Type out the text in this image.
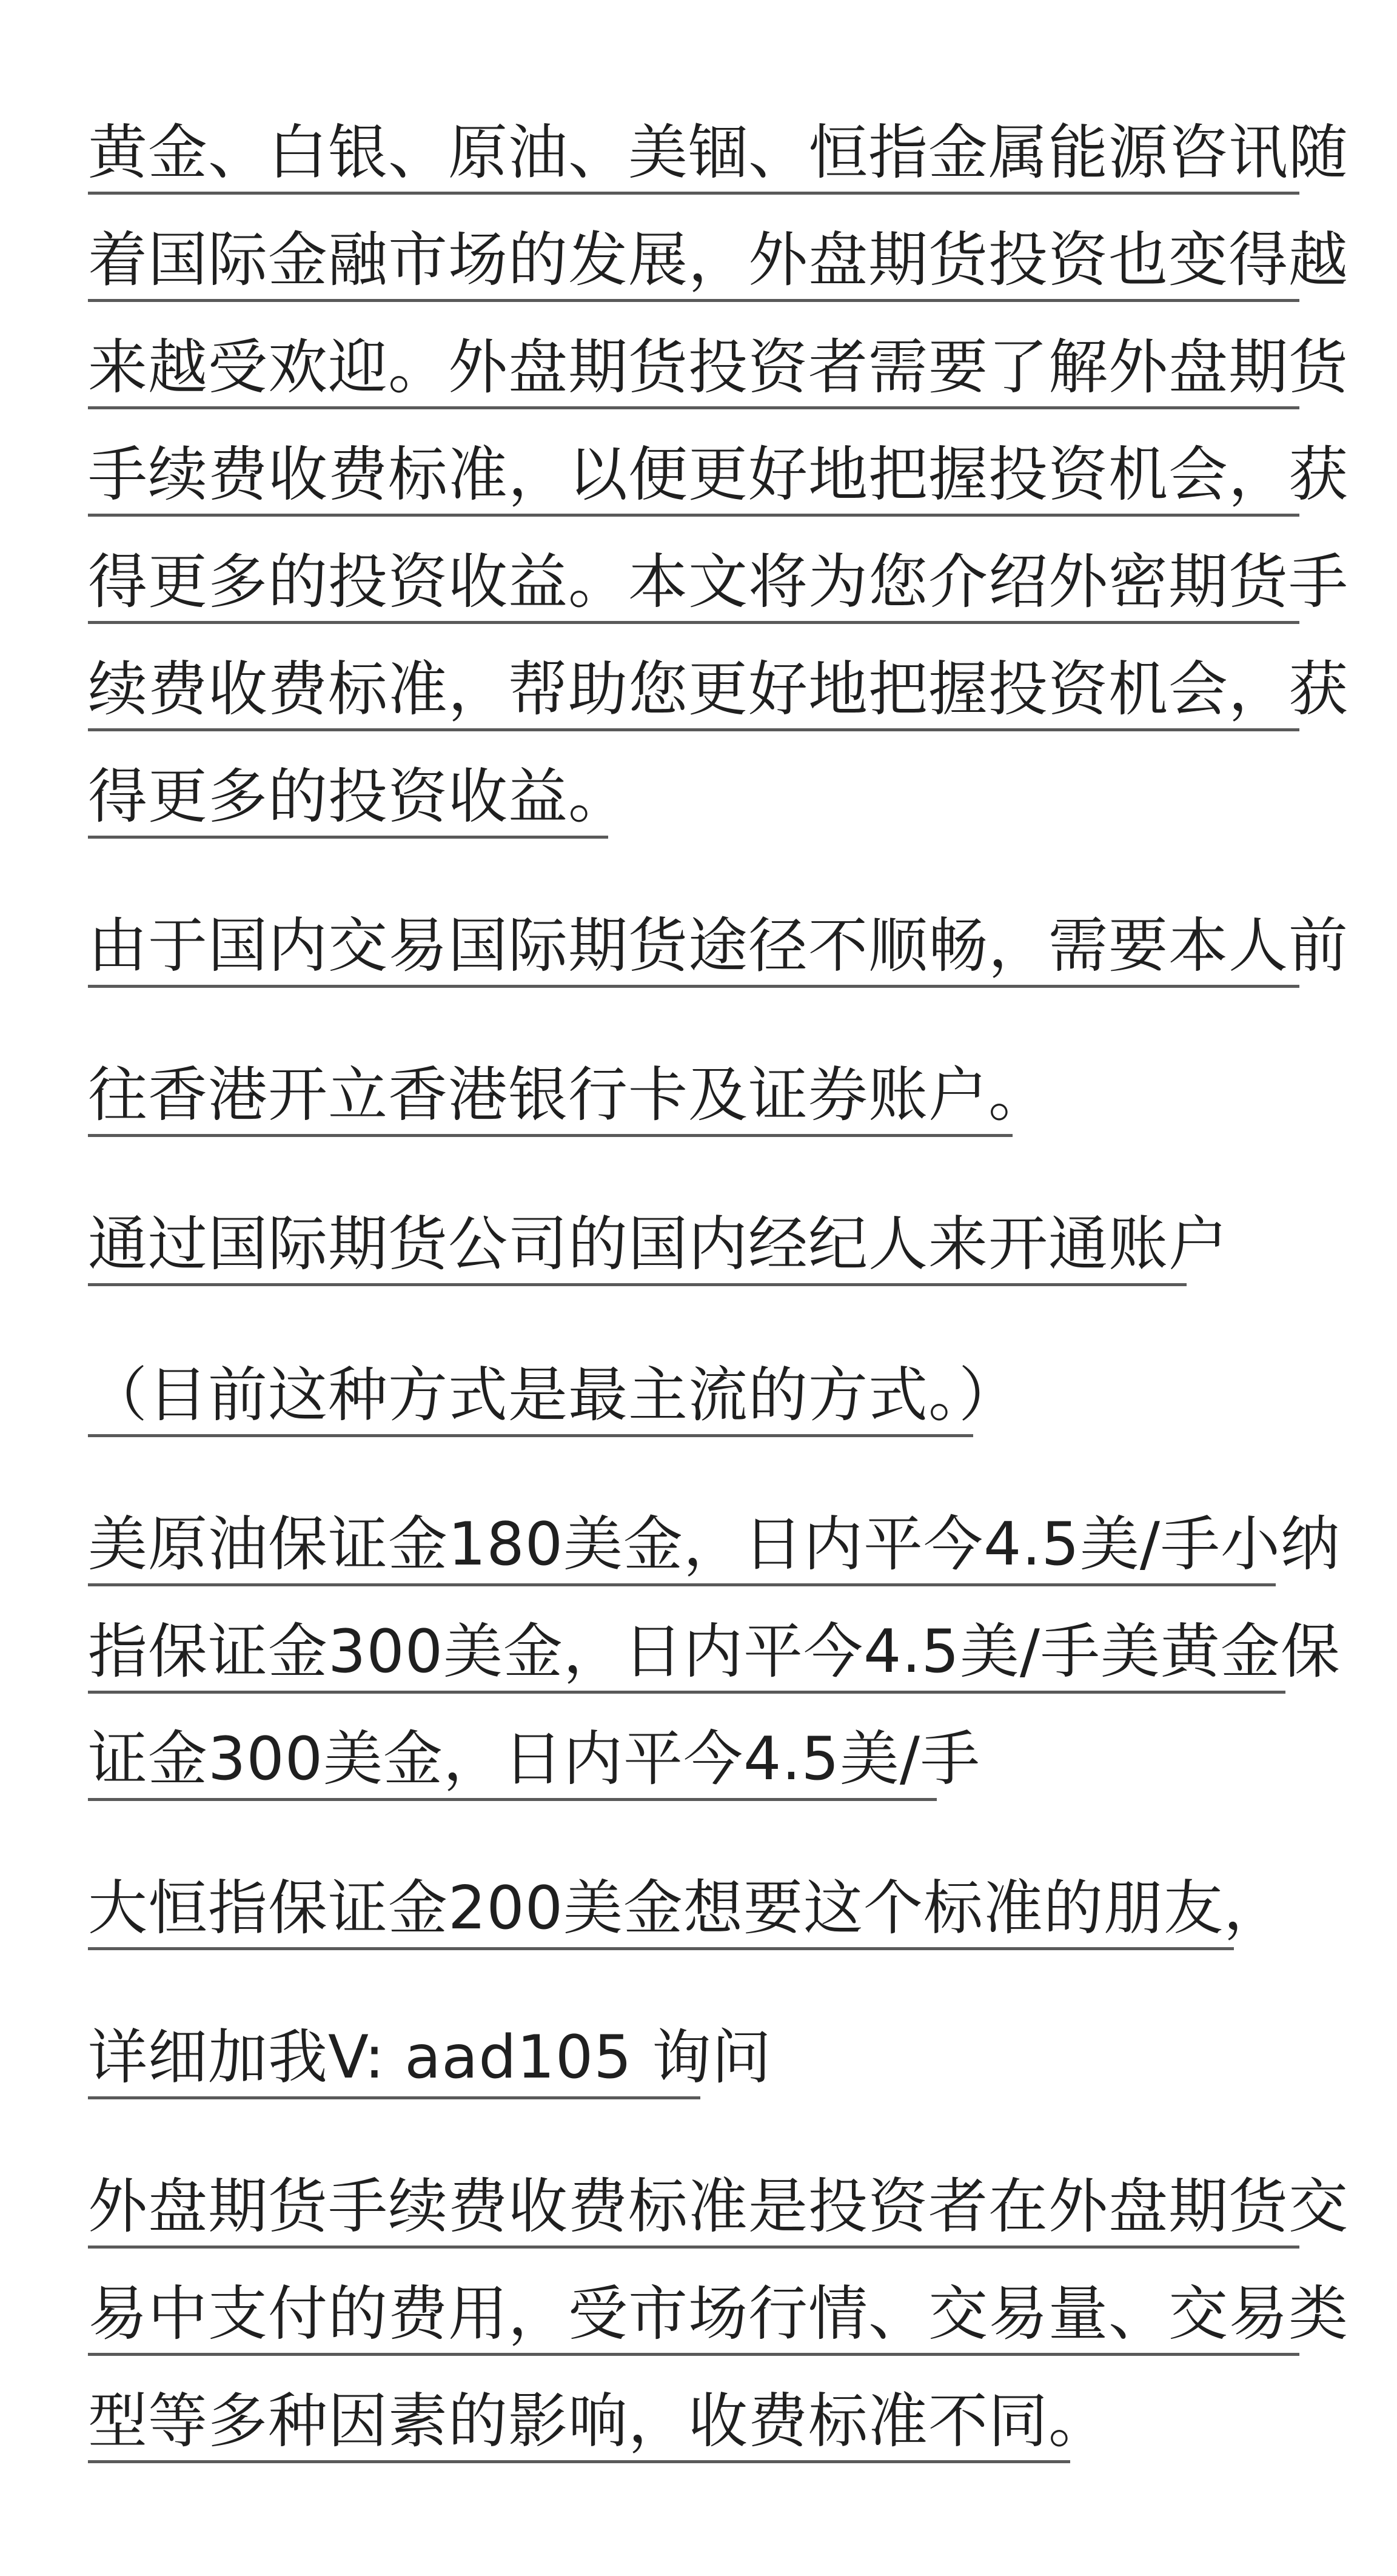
黄金、白银、原油、美锢、恒指金属能源咨讯随
着国际金融市场的发展，外盘期货投资也变得越
来越受欢迎。外盘期货投资者需要了解外盘期货
手续费收费标准，以便更好地把握投资机会，获
得更多的投资收益。本文将为您介绍外密期货手
续费收费标准，帮助您更好地把握投资机会，获
得更多的投资收益。
由于国内交易国际期货途径不顺畅，需要本人前
往香港开立香港银行卡及证券账户。
通过国际期货公司的国内经纪人来开通账户
（目前这种方式是最主流的方式。）
美原油保证金180美金，日内平今4.5美/手小纳
指保证金300美金，日内平今4.5美/手美黄金保
证金300美金，日内平今4.5美/手
大恒指保证金200美金想要这个标准的朋友，
详细加我V: aad105 询问
外盘期货手续费收费标准是投资者在外盘期货交
易中支付的费用，受市场行情、交易量、交易类
型等多种因素的影响，收费标准不同。
